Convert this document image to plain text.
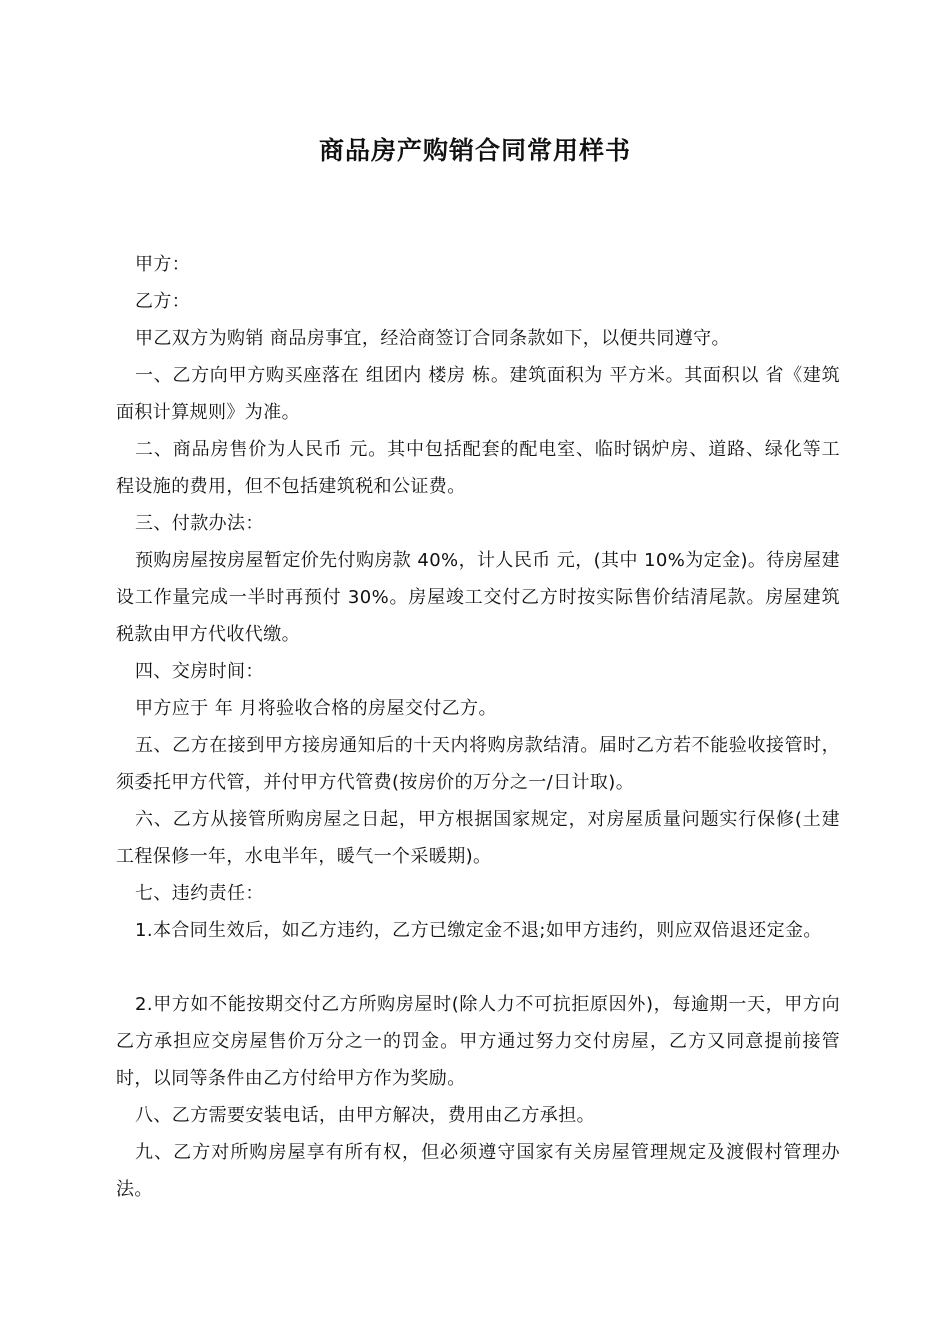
商品房产购销合同常用样书

甲方：

乙方：

甲乙双方为购销 商品房事宜，经洽商签订合同条款如下，以便共同遵守。

一、乙方向甲方购买座落在 组团内 楼房 栋。建筑面积为 平方米。其面积以 省《建筑面积计算规则》为准。

二、商品房售价为人民币 元。其中包括配套的配电室、临时锅炉房、道路、绿化等工程设施的费用，但不包括建筑税和公证费。

三、付款办法：

预购房屋按房屋暂定价先付购房款 40%，计人民币 元，(其中 10%为定金)。待房屋建设工作量完成一半时再预付 30%。房屋竣工交付乙方时按实际售价结清尾款。房屋建筑税款由甲方代收代缴。

四、交房时间：

甲方应于 年 月将验收合格的房屋交付乙方。

五、乙方在接到甲方接房通知后的十天内将购房款结清。届时乙方若不能验收接管时，须委托甲方代管，并付甲方代管费(按房价的万分之一/日计取)。

六、乙方从接管所购房屋之日起，甲方根据国家规定，对房屋质量问题实行保修(土建工程保修一年，水电半年，暖气一个采暖期)。

七、违约责任：

1.本合同生效后，如乙方违约，乙方已缴定金不退;如甲方违约，则应双倍退还定金。

2.甲方如不能按期交付乙方所购房屋时(除人力不可抗拒原因外)，每逾期一天，甲方向乙方承担应交房屋售价万分之一的罚金。甲方通过努力交付房屋，乙方又同意提前接管时，以同等条件由乙方付给甲方作为奖励。

八、乙方需要安装电话，由甲方解决，费用由乙方承担。

九、乙方对所购房屋享有所有权，但必须遵守国家有关房屋管理规定及渡假村管理办法。
